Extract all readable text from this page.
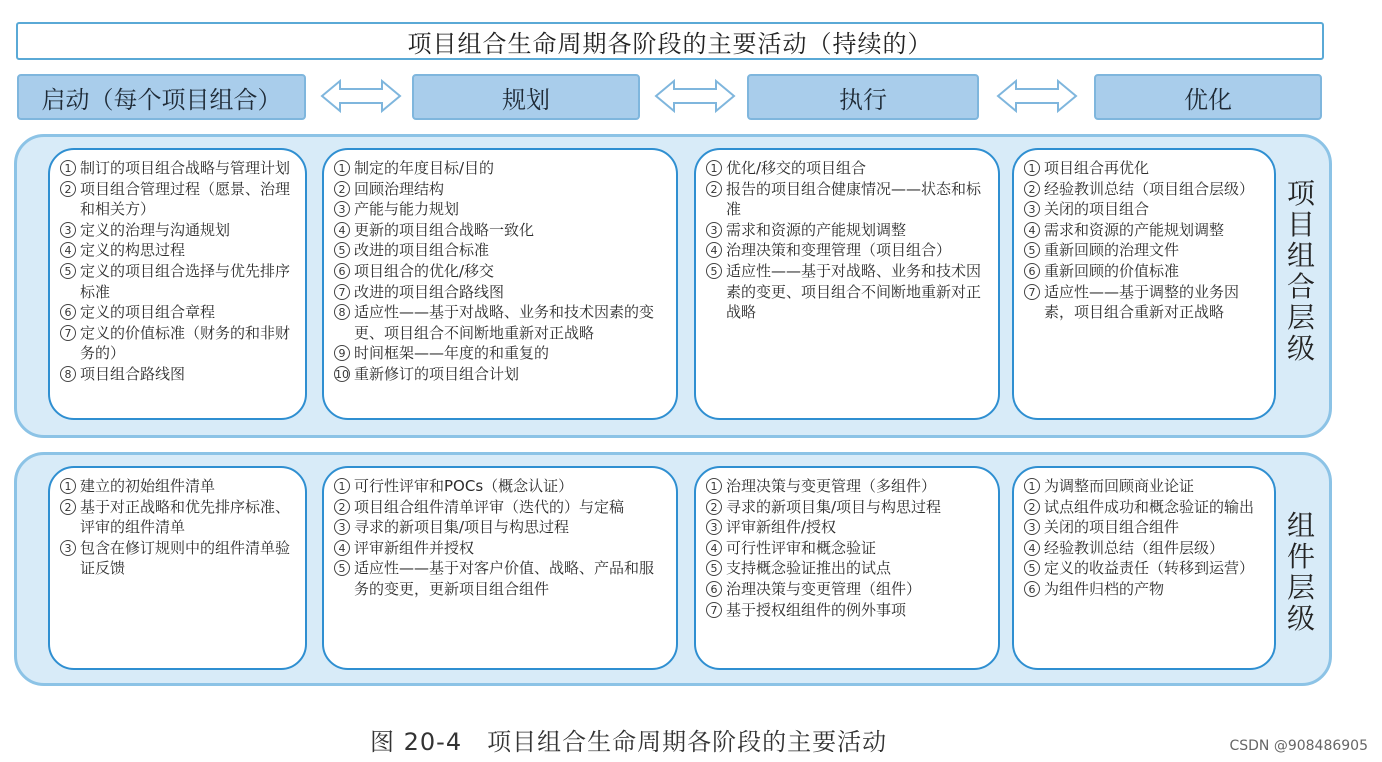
项目组合生命周期各阶段的主要活动（持续的）
启动（每个项目组合）	规划	执行	优化
1 制订的项目组合战略与管理计划
2 项目组合管理过程（愿景、治理和相关方）
3 定义的治理与沟通规划
4 定义的构思过程
5 定义的项目组合选择与优先排序标准
6 定义的项目组合章程
7 定义的价值标准（财务的和非财务的）
8 项目组合路线图
1 制定的年度目标/目的
2 回顾治理结构
3 产能与能力规划
4 更新的项目组合战略一致化
5 改进的项目组合标准
6 项目组合的优化/移交
7 改进的项目组合路线图
8 适应性——基于对战略、业务和技术因素的变更、项目组合不间断地重新对正战略
9 时间框架——年度的和重复的
10 重新修订的项目组合计划
1 优化/移交的项目组合
2 报告的项目组合健康情况——状态和标准
3 需求和资源的产能规划调整
4 治理决策和变理管理（项目组合）
5 适应性——基于对战略、业务和技术因素的变更、项目组合不间断地重新对正战略
1 项目组合再优化
2 经验教训总结（项目组合层级）
3 关闭的项目组合
4 需求和资源的产能规划调整
5 重新回顾的治理文件
6 重新回顾的价值标准
7 适应性——基于调整的业务因素，项目组合重新对正战略
项目组合层级
1 建立的初始组件清单
2 基于对正战略和优先排序标准、评审的组件清单
3 包含在修订规则中的组件清单验证反馈
1 可行性评审和POCs（概念认证）
2 项目组合组件清单评审（迭代的）与定稿
3 寻求的新项目集/项目与构思过程
4 评审新组件并授权
5 适应性——基于对客户价值、战略、产品和服务的变更，更新项目组合组件
1 治理决策与变更管理（多组件）
2 寻求的新项目集/项目与构思过程
3 评审新组件/授权
4 可行性评审和概念验证
5 支持概念验证推出的试点
6 治理决策与变更管理（组件）
7 基于授权组组件的例外事项
1 为调整而回顾商业论证
2 试点组件成功和概念验证的输出
3 关闭的项目组合组件
4 经验教训总结（组件层级）
5 定义的收益责任（转移到运营）
6 为组件归档的产物
组件层级
图 20-4　项目组合生命周期各阶段的主要活动	CSDN @908486905
